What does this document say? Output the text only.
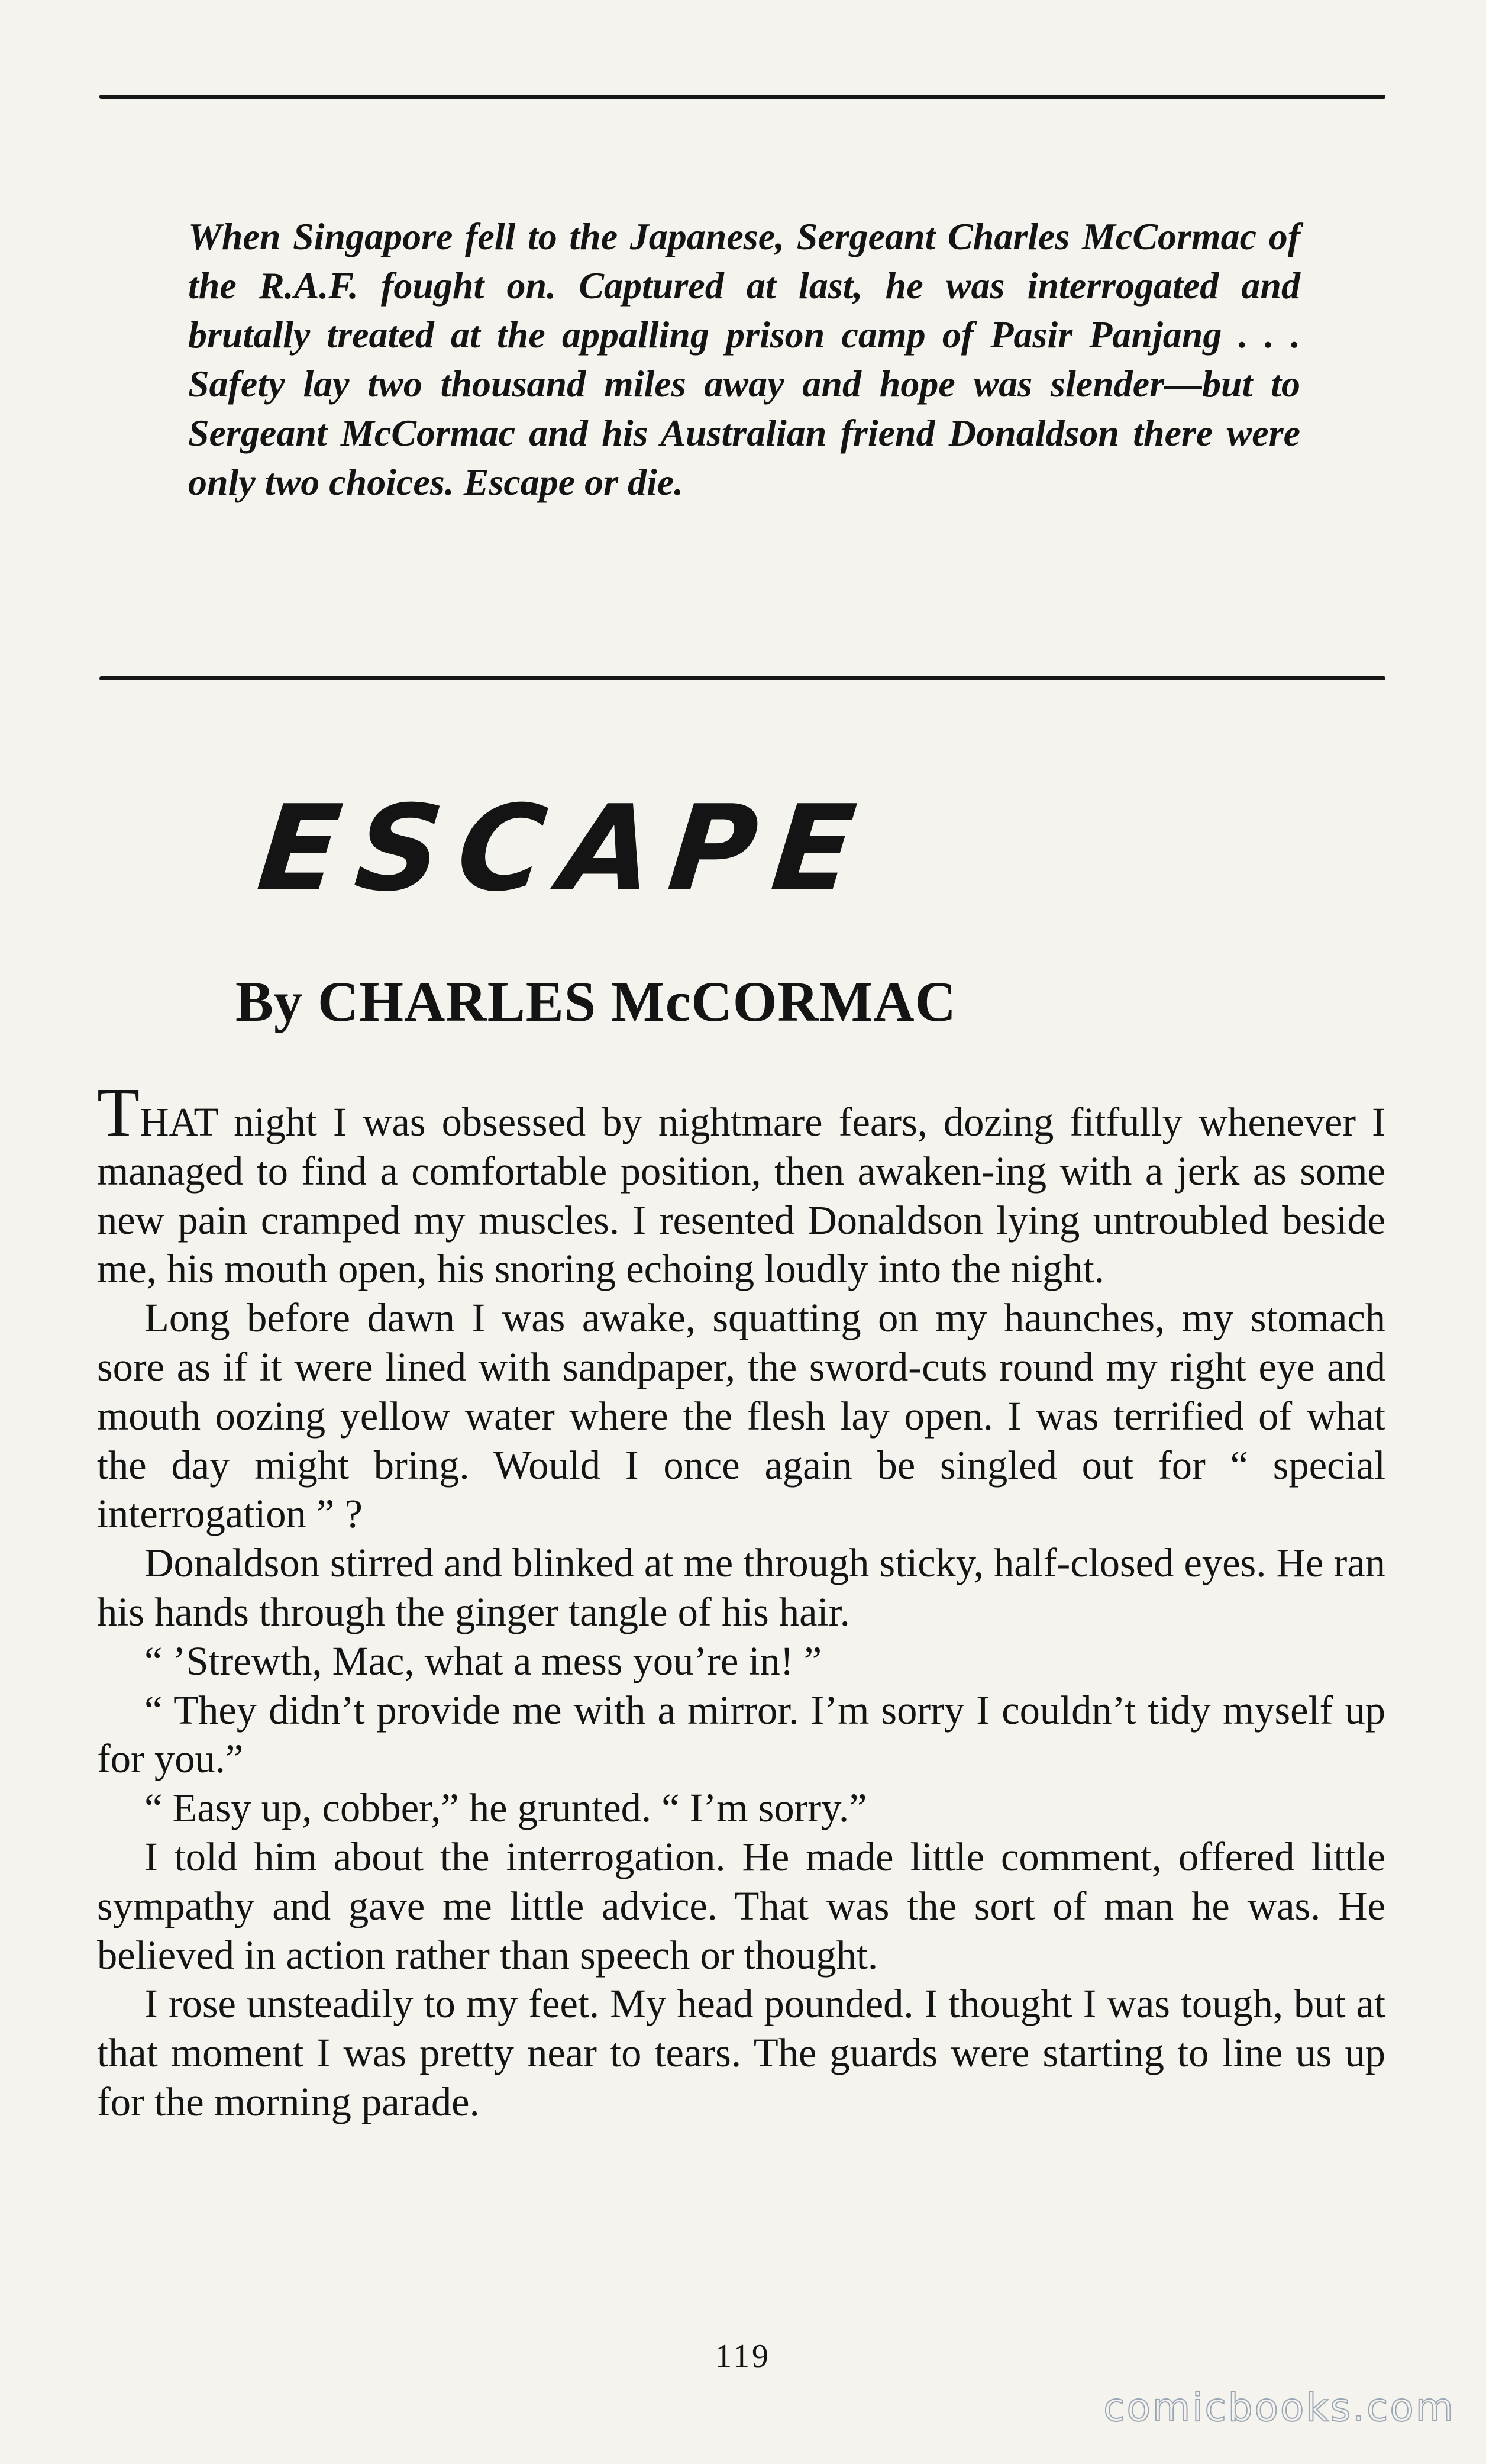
When Singapore fell to the Japanese, Sergeant Charles McCormac of the R.A.F. fought on. Captured at last, he was interrogated and brutally treated at the appalling prison camp of Pasir Panjang . . . Safety lay two thousand miles away and hope was slender—but to Sergeant McCormac and his Australian friend Donaldson there were only two choices. Escape or die.

ESCAPE
By CHARLES McCORMAC

THAT night I was obsessed by nightmare fears, dozing fitfully whenever I managed to find a comfortable position, then awaken-ing with a jerk as some new pain cramped my muscles. I resented Donaldson lying untroubled beside me, his mouth open, his snoring echoing loudly into the night.

Long before dawn I was awake, squatting on my haunches, my stomach sore as if it were lined with sandpaper, the sword-cuts round my right eye and mouth oozing yellow water where the flesh lay open. I was terrified of what the day might bring. Would I once again be singled out for “ special interrogation ” ?

Donaldson stirred and blinked at me through sticky, half-closed eyes. He ran his hands through the ginger tangle of his hair.

“ ’Strewth, Mac, what a mess you’re in! ”

“ They didn’t provide me with a mirror. I’m sorry I couldn’t tidy myself up for you.”

“ Easy up, cobber,” he grunted. “ I’m sorry.”

I told him about the interrogation. He made little comment, offered little sympathy and gave me little advice. That was the sort of man he was. He believed in action rather than speech or thought.

I rose unsteadily to my feet. My head pounded. I thought I was tough, but at that moment I was pretty near to tears. The guards were starting to line us up for the morning parade.

119

comicbooks.com
